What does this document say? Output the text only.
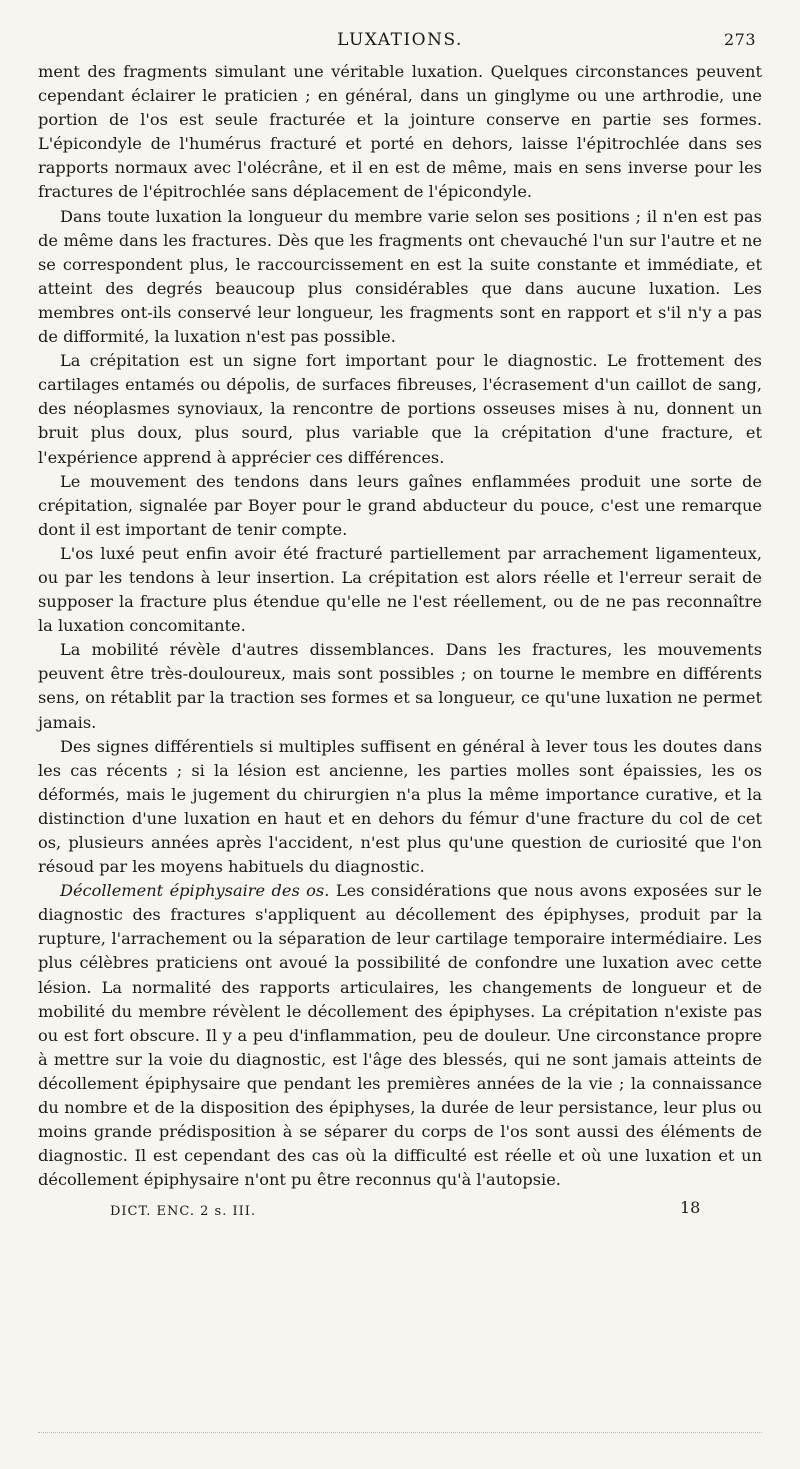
LUXATIONS.	273

ment des fragments simulant une véritable luxation. Quelques circonstances peuvent cependant éclairer le praticien ; en général, dans un ginglyme ou une arthrodie, une portion de l'os est seule fracturée et la jointure conserve en partie ses formes. L'épicondyle de l'humérus fracturé et porté en dehors, laisse l'épitrochlée dans ses rapports normaux avec l'olécrâne, et il en est de même, mais en sens inverse pour les fractures de l'épitrochlée sans déplacement de l'épicondyle.

Dans toute luxation la longueur du membre varie selon ses positions ; il n'en est pas de même dans les fractures. Dès que les fragments ont chevauché l'un sur l'autre et ne se correspondent plus, le raccourcissement en est la suite constante et immédiate, et atteint des degrés beaucoup plus considérables que dans aucune luxation. Les membres ont-ils conservé leur longueur, les fragments sont en rapport et s'il n'y a pas de difformité, la luxation n'est pas possible.

La crépitation est un signe fort important pour le diagnostic. Le frottement des cartilages entamés ou dépolis, de surfaces fibreuses, l'écrasement d'un caillot de sang, des néoplasmes synoviaux, la rencontre de portions osseuses mises à nu, donnent un bruit plus doux, plus sourd, plus variable que la crépitation d'une fracture, et l'expérience apprend à apprécier ces différences.

Le mouvement des tendons dans leurs gaînes enflammées produit une sorte de crépitation, signalée par Boyer pour le grand abducteur du pouce, c'est une remarque dont il est important de tenir compte.

L'os luxé peut enfin avoir été fracturé partiellement par arrachement ligamenteux, ou par les tendons à leur insertion. La crépitation est alors réelle et l'erreur serait de supposer la fracture plus étendue qu'elle ne l'est réellement, ou de ne pas reconnaître la luxation concomitante.

La mobilité révèle d'autres dissemblances. Dans les fractures, les mouvements peuvent être très-douloureux, mais sont possibles ; on tourne le membre en différents sens, on rétablit par la traction ses formes et sa longueur, ce qu'une luxation ne permet jamais.

Des signes différentiels si multiples suffisent en général à lever tous les doutes dans les cas récents ; si la lésion est ancienne, les parties molles sont épaissies, les os déformés, mais le jugement du chirurgien n'a plus la même importance curative, et la distinction d'une luxation en haut et en dehors du fémur d'une fracture du col de cet os, plusieurs années après l'accident, n'est plus qu'une question de curiosité que l'on résoud par les moyens habituels du diagnostic.

Décollement épiphysaire des os. Les considérations que nous avons exposées sur le diagnostic des fractures s'appliquent au décollement des épiphyses, produit par la rupture, l'arrachement ou la séparation de leur cartilage temporaire intermédiaire. Les plus célèbres praticiens ont avoué la possibilité de confondre une luxation avec cette lésion. La normalité des rapports articulaires, les changements de longueur et de mobilité du membre révèlent le décollement des épiphyses. La crépitation n'existe pas ou est fort obscure. Il y a peu d'inflammation, peu de douleur. Une circonstance propre à mettre sur la voie du diagnostic, est l'âge des blessés, qui ne sont jamais atteints de décollement épiphysaire que pendant les premières années de la vie ; la connaissance du nombre et de la disposition des épiphyses, la durée de leur persistance, leur plus ou moins grande prédisposition à se séparer du corps de l'os sont aussi des éléments de diagnostic. Il est cependant des cas où la difficulté est réelle et où une luxation et un décollement épiphysaire n'ont pu être reconnus qu'à l'autopsie.

DICT. ENC. 2 s. III.	18
